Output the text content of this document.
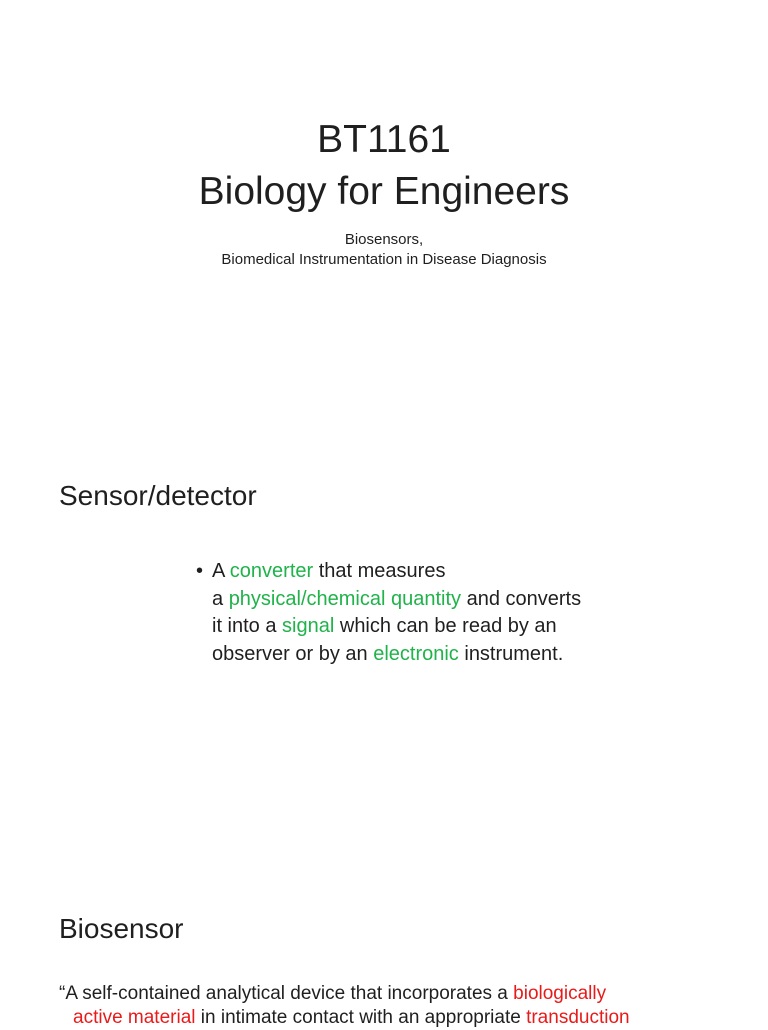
BT1161
Biology for Engineers
Biosensors,
Biomedical Instrumentation in Disease Diagnosis
Sensor/detector
• A converter that measures
a physical/chemical quantity and converts
it into a signal which can be read by an
observer or by an electronic instrument.
Biosensor
“A self-contained analytical device that incorporates a biologically
active material in intimate contact with an appropriate transduction
